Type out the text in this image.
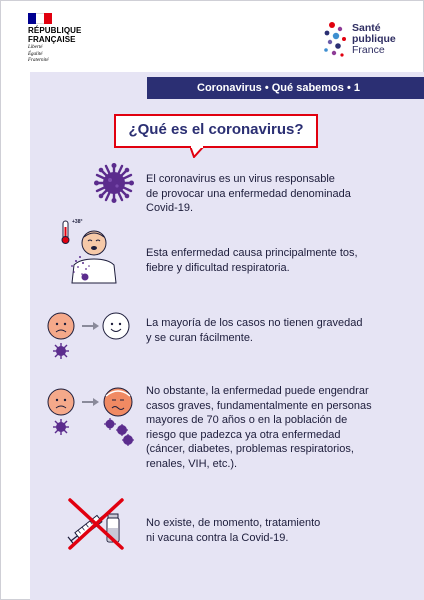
RÉPUBLIQUE
FRANÇAISE
Liberté
Égalité
Fraternité
Santé
publique
France
Coronavirus • Qué sabemos • 1
¿Qué es el coronavirus?
El coronavirus es un virus responsable
de provocar una enfermedad denominada
Covid-19.
+38°
Esta enfermedad causa principalmente tos,
fiebre y dificultad respiratoria.
La mayoría de los casos no tienen gravedad
y se curan fácilmente.
No obstante, la enfermedad puede engendrar
casos graves, fundamentalmente en personas
mayores de 70 años o en la población de
riesgo que padezca ya otra enfermedad
(cáncer, diabetes, problemas respiratorios,
renales, VIH, etc.).
No existe, de momento, tratamiento
ni vacuna contra la Covid-19.
